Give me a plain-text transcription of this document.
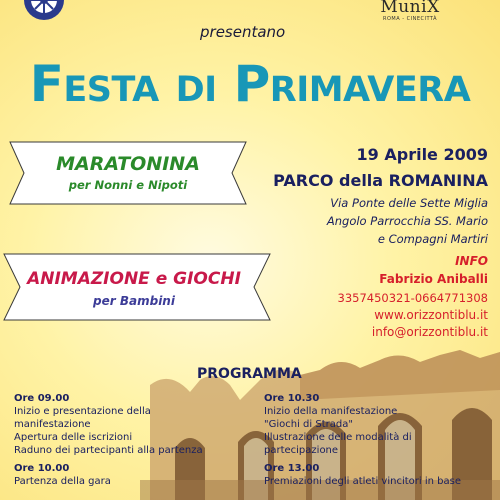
presentano
MuniX
ROMA - CINECITTÀ
Festa di Primavera
MARATONINA
per Nonni e Nipoti
ANIMAZIONE e GIOCHI
per Bambini
19 Aprile 2009
PARCO della ROMANINA
Via Ponte delle Sette Miglia
Angolo Parrocchia SS. Mario
e Compagni Martiri
INFO
Fabrizio Aniballi
3357450321-0664771308
www.orizzontiblu.it
info@orizzontiblu.it
PROGRAMMA
Ore 09.00
Inizio e presentazione della
manifestazione
Apertura delle iscrizioni
Raduno dei partecipanti alla partenza
Ore 10.00
Partenza della gara
Ore 10.30
Inizio della manifestazione
"Giochi di Strada"
Illustrazione delle modalità di
partecipazione
Ore 13.00
Premiazioni degli atleti vincitori in base
